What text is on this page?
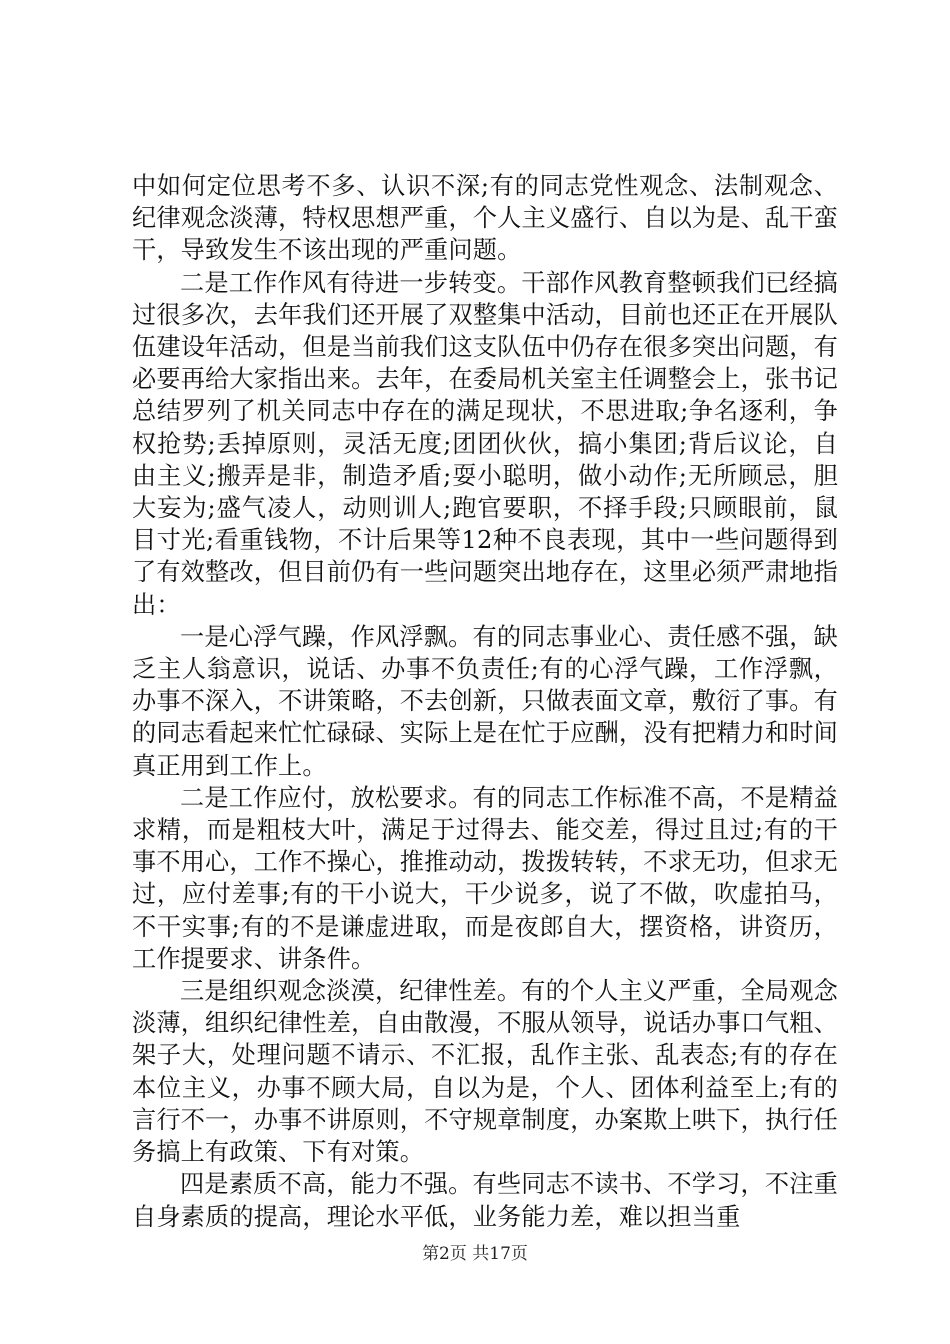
中如何定位思考不多、认识不深;有的同志党性观念、法制观念、纪律观念淡薄，特权思想严重，个人主义盛行、自以为是、乱干蛮干，导致发生不该出现的严重问题。

二是工作作风有待进一步转变。干部作风教育整顿我们已经搞过很多次，去年我们还开展了双整集中活动，目前也还正在开展队伍建设年活动，但是当前我们这支队伍中仍存在很多突出问题，有必要再给大家指出来。去年，在委局机关室主任调整会上，张书记总结罗列了机关同志中存在的满足现状，不思进取;争名逐利，争权抢势;丢掉原则，灵活无度;团团伙伙，搞小集团;背后议论，自由主义;搬弄是非，制造矛盾;耍小聪明，做小动作;无所顾忌，胆大妄为;盛气凌人，动则训人;跑官要职，不择手段;只顾眼前，鼠目寸光;看重钱物，不计后果等12种不良表现，其中一些问题得到了有效整改，但目前仍有一些问题突出地存在，这里必须严肃地指出：

一是心浮气躁，作风浮飘。有的同志事业心、责任感不强，缺乏主人翁意识，说话、办事不负责任;有的心浮气躁，工作浮飘，办事不深入，不讲策略，不去创新，只做表面文章，敷衍了事。有的同志看起来忙忙碌碌、实际上是在忙于应酬，没有把精力和时间真正用到工作上。

二是工作应付，放松要求。有的同志工作标准不高，不是精益求精，而是粗枝大叶，满足于过得去、能交差，得过且过;有的干事不用心，工作不操心，推推动动，拨拨转转，不求无功，但求无过，应付差事;有的干小说大，干少说多，说了不做，吹虚拍马，不干实事;有的不是谦虚进取，而是夜郎自大，摆资格，讲资历，工作提要求、讲条件。

三是组织观念淡漠，纪律性差。有的个人主义严重，全局观念淡薄，组织纪律性差，自由散漫，不服从领导，说话办事口气粗、架子大，处理问题不请示、不汇报，乱作主张、乱表态;有的存在本位主义，办事不顾大局，自以为是，个人、团体利益至上;有的言行不一，办事不讲原则，不守规章制度，办案欺上哄下，执行任务搞上有政策、下有对策。

四是素质不高，能力不强。有些同志不读书、不学习，不注重自身素质的提高，理论水平低，业务能力差，难以担当重

第2页 共17页
